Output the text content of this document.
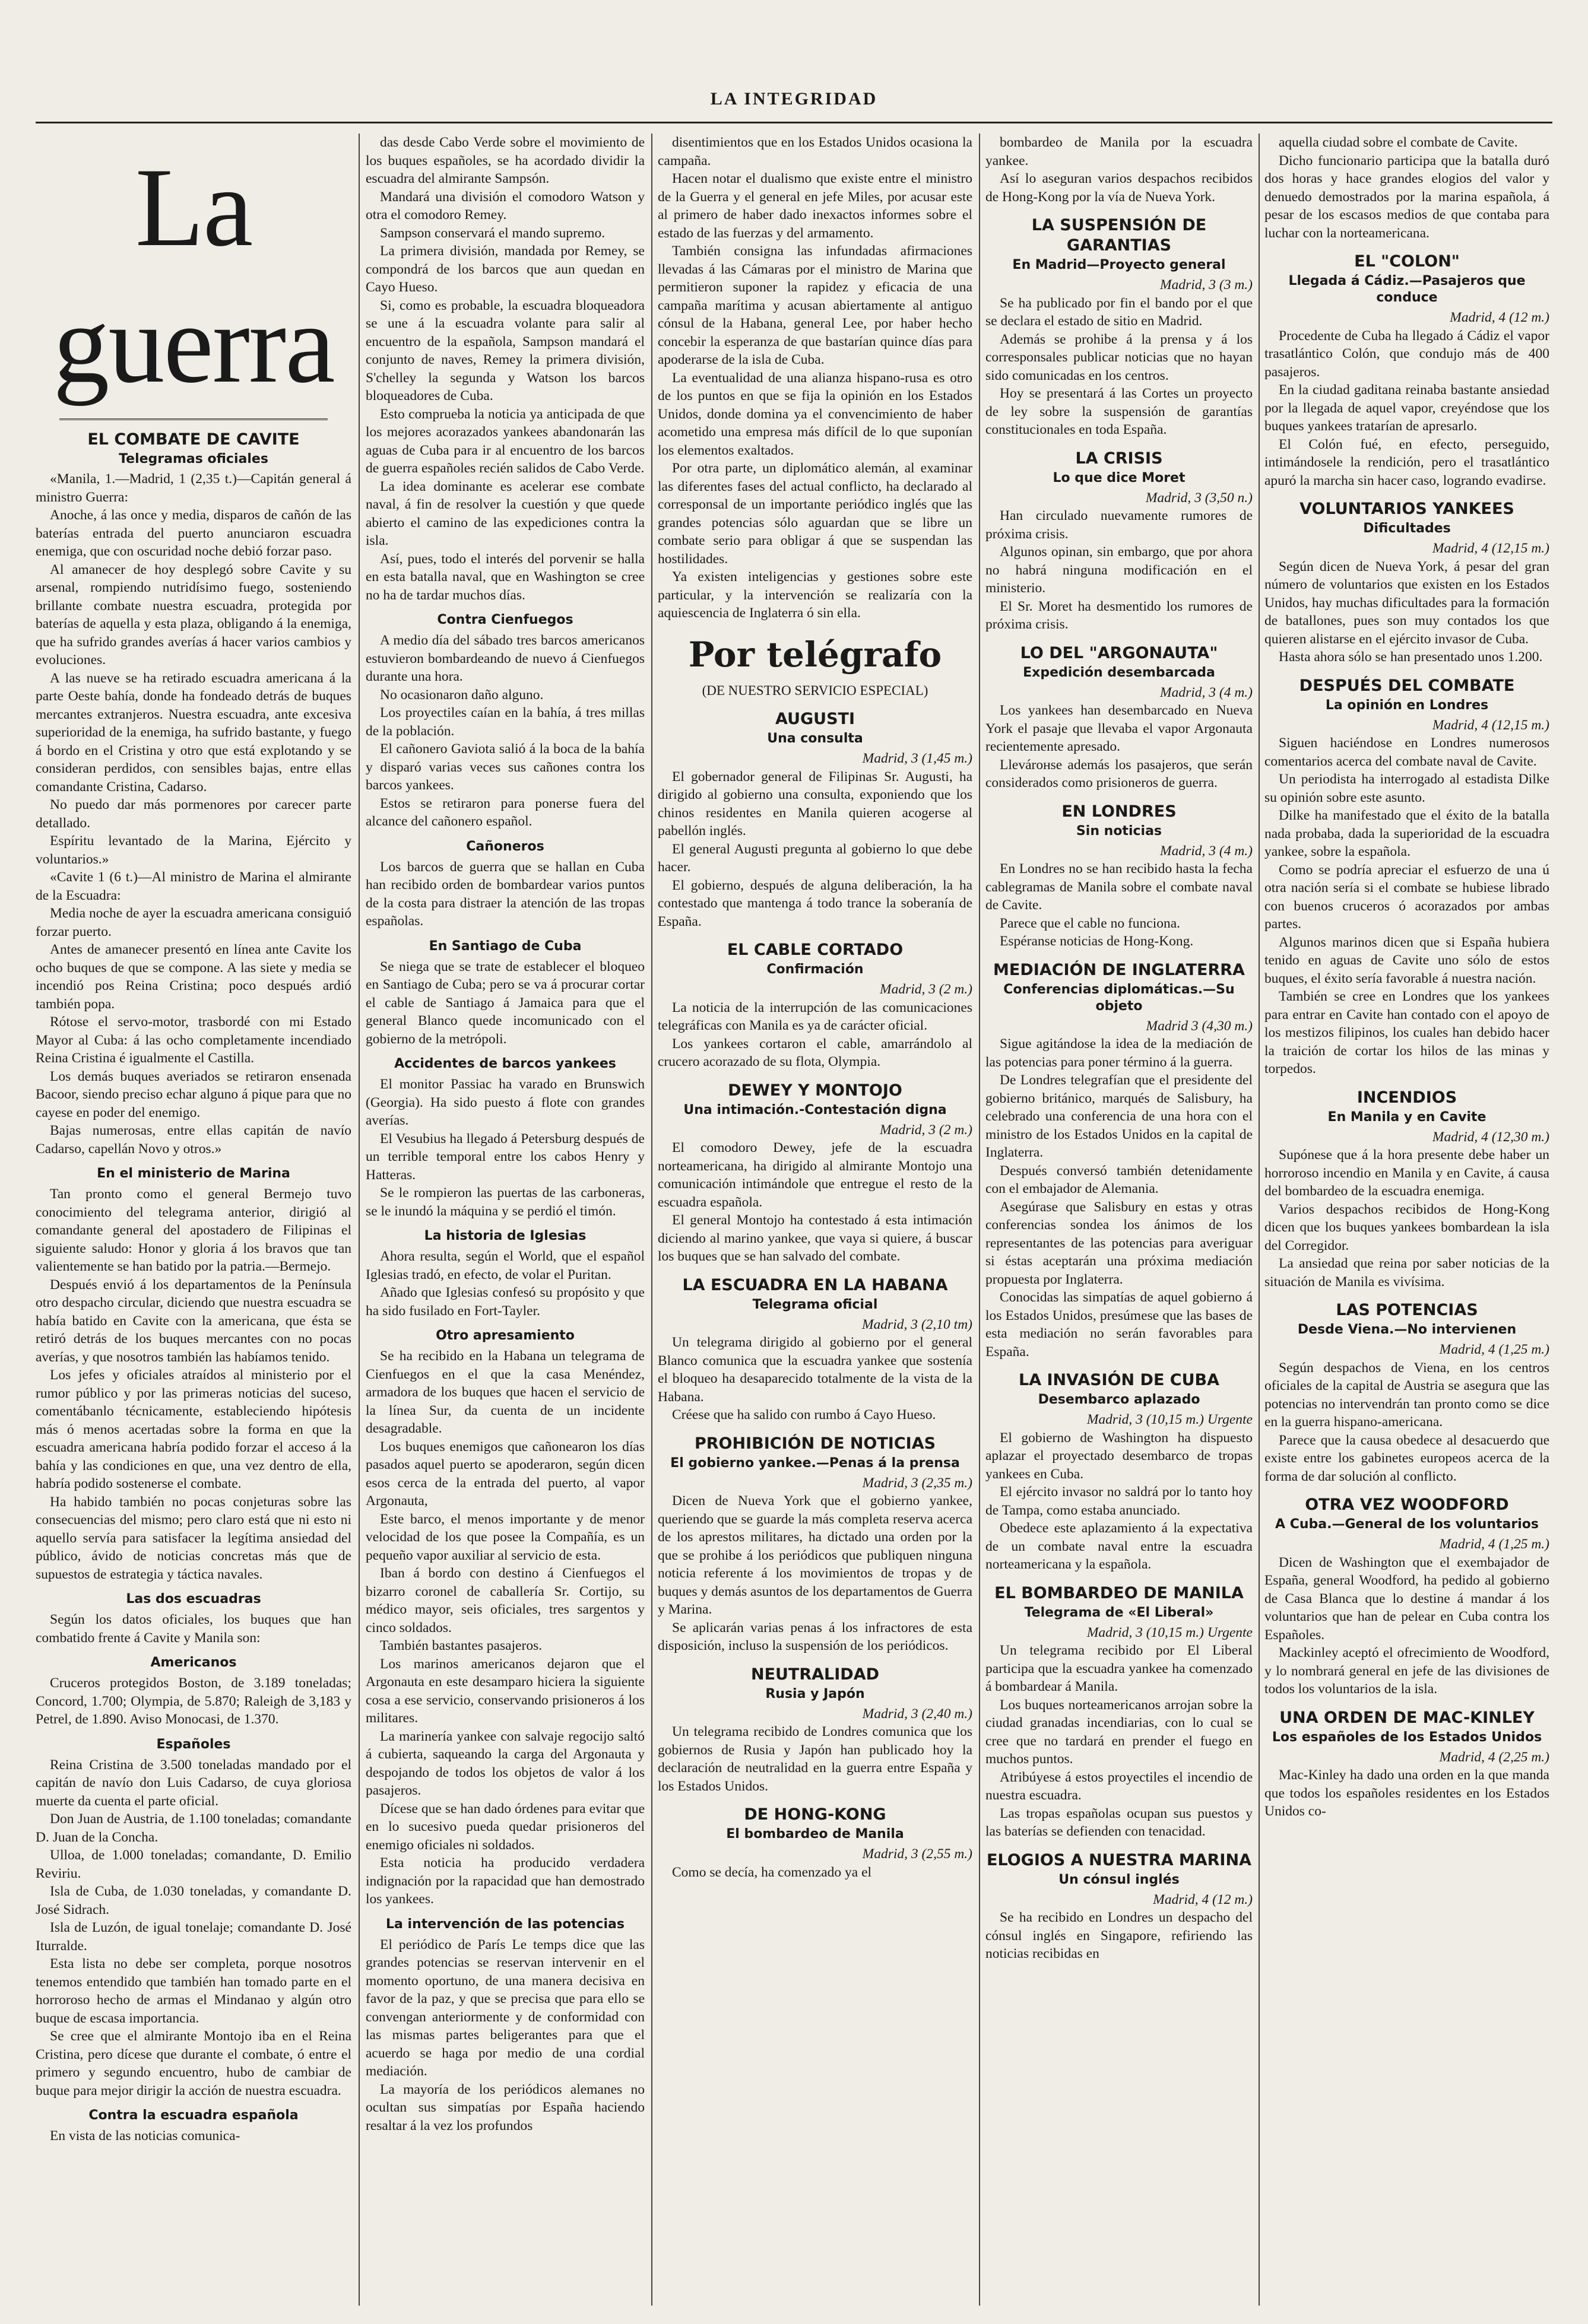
LA INTEGRIDAD
La guerra
EL COMBATE DE CAVITE
Telegramas oficiales

«Manila, 1.—Madrid, 1 (2,35 t.)—Capitán general á ministro Guerra:

Anoche, á las once y media, disparos de cañón de las baterías entrada del puerto anunciaron escuadra enemiga, que con oscuridad noche debió forzar paso.

Al amanecer de hoy desplegó sobre Cavite y su arsenal, rompiendo nutridísimo fuego, sosteniendo brillante combate nuestra escuadra, protegida por baterías de aquella y esta plaza, obligando á la enemiga, que ha sufrido grandes averías á hacer varios cambios y evoluciones.

A las nueve se ha retirado escuadra americana á la parte Oeste bahía, donde ha fondeado detrás de buques mercantes extranjeros. Nuestra escuadra, ante excesiva superioridad de la enemiga, ha sufrido bastante, y fuego á bordo en el Cristina y otro que está explotando y se consideran perdidos, con sensibles bajas, entre ellas comandante Cristina, Cadarso.

No puedo dar más pormenores por carecer parte detallado.

Espíritu levantado de la Marina, Ejército y voluntarios.»

«Cavite 1 (6 t.)—Al ministro de Marina el almirante de la Escuadra:

Media noche de ayer la escuadra americana consiguió forzar puerto.

Antes de amanecer presentó en línea ante Cavite los ocho buques de que se compone. A las siete y media se incendió pos Reina Cristina; poco después ardió también popa.

Rótose el servo-motor, trasbordé con mi Estado Mayor al Cuba: á las ocho completamente incendiado Reina Cristina é igualmente el Castilla.

Los demás buques averiados se retiraron ensenada Bacoor, siendo preciso echar alguno á pique para que no cayese en poder del enemigo.

Bajas numerosas, entre ellas capitán de navío Cadarso, capellán Novo y otros.»

En el ministerio de Marina

Tan pronto como el general Bermejo tuvo conocimiento del telegrama anterior, dirigió al comandante general del apostadero de Filipinas el siguiente saludo: Honor y gloria á los bravos que tan valientemente se han batido por la patria.—Bermejo.

Después envió á los departamentos de la Península otro despacho circular, diciendo que nuestra escuadra se había batido en Cavite con la americana, que ésta se retiró detrás de los buques mercantes con no pocas averías, y que nosotros también las habíamos tenido.

Los jefes y oficiales atraídos al ministerio por el rumor público y por las primeras noticias del suceso, comentábanlo técnicamente, estableciendo hipótesis más ó menos acertadas sobre la forma en que la escuadra americana habría podido forzar el acceso á la bahía y las condiciones en que, una vez dentro de ella, habría podido sostenerse el combate.

Ha habido también no pocas conjeturas sobre las consecuencias del mismo; pero claro está que ni esto ni aquello servía para satisfacer la legítima ansiedad del público, ávido de noticias concretas más que de supuestos de estrategia y táctica navales.

Las dos escuadras

Según los datos oficiales, los buques que han combatido frente á Cavite y Manila son:

Americanos

Cruceros protegidos Boston, de 3.189 toneladas; Concord, 1.700; Olympia, de 5.870; Raleigh de 3,183 y Petrel, de 1.890. Aviso Monocasi, de 1.370.

Españoles

Reina Cristina de 3.500 toneladas mandado por el capitán de navío don Luis Cadarso, de cuya gloriosa muerte da cuenta el parte oficial.

Don Juan de Austria, de 1.100 toneladas; comandante D. Juan de la Concha.

Ulloa, de 1.000 toneladas; comandante, D. Emilio Reviriu.

Isla de Cuba, de 1.030 toneladas, y comandante D. José Sidrach.

Isla de Luzón, de igual tonelaje; comandante D. José Iturralde.

Esta lista no debe ser completa, porque nosotros tenemos entendido que también han tomado parte en el horroroso hecho de armas el Mindanao y algún otro buque de escasa importancia.

Se cree que el almirante Montojo iba en el Reina Cristina, pero dícese que durante el combate, ó entre el primero y segundo encuentro, hubo de cambiar de buque para mejor dirigir la acción de nuestra escuadra.

Contra la escuadra española

En vista de las noticias comunica-

das desde Cabo Verde sobre el movimiento de los buques españoles, se ha acordado dividir la escuadra del almirante Sampsón.

Mandará una división el comodoro Watson y otra el comodoro Remey.

Sampson conservará el mando supremo.

La primera división, mandada por Remey, se compondrá de los barcos que aun quedan en Cayo Hueso.

Si, como es probable, la escuadra bloqueadora se une á la escuadra volante para salir al encuentro de la española, Sampson mandará el conjunto de naves, Remey la primera división, S'chelley la segunda y Watson los barcos bloqueadores de Cuba.

Esto comprueba la noticia ya anticipada de que los mejores acorazados yankees abandonarán las aguas de Cuba para ir al encuentro de los barcos de guerra españoles recién salidos de Cabo Verde.

La idea dominante es acelerar ese combate naval, á fin de resolver la cuestión y que quede abierto el camino de las expediciones contra la isla.

Así, pues, todo el interés del porvenir se halla en esta batalla naval, que en Washington se cree no ha de tardar muchos días.

Contra Cienfuegos

A medio día del sábado tres barcos americanos estuvieron bombardeando de nuevo á Cienfuegos durante una hora.

No ocasionaron daño alguno.

Los proyectiles caían en la bahía, á tres millas de la población.

El cañonero Gaviota salió á la boca de la bahía y disparó varias veces sus cañones contra los barcos yankees.

Estos se retiraron para ponerse fuera del alcance del cañonero español.

Cañoneros

Los barcos de guerra que se hallan en Cuba han recibido orden de bombardear varios puntos de la costa para distraer la atención de las tropas españolas.

En Santiago de Cuba

Se niega que se trate de establecer el bloqueo en Santiago de Cuba; pero se va á procurar cortar el cable de Santiago á Jamaica para que el general Blanco quede incomunicado con el gobierno de la metrópoli.

Accidentes de barcos yankees

El monitor Passiac ha varado en Brunswich (Georgia). Ha sido puesto á flote con grandes averías.

El Vesubius ha llegado á Petersburg después de un terrible temporal entre los cabos Henry y Hatteras.

Se le rompieron las puertas de las carboneras, se le inundó la máquina y se perdió el timón.

La historia de Iglesias

Ahora resulta, según el World, que el español Iglesias tradó, en efecto, de volar el Puritan.

Añado que Iglesias confesó su propósito y que ha sido fusilado en Fort-Tayler.

Otro apresamiento

Se ha recibido en la Habana un telegrama de Cienfuegos en el que la casa Menéndez, armadora de los buques que hacen el servicio de la línea Sur, da cuenta de un incidente desagradable.

Los buques enemigos que cañonearon los días pasados aquel puerto se apoderaron, según dicen esos cerca de la entrada del puerto, al vapor Argonauta,

Este barco, el menos importante y de menor velocidad de los que posee la Compañía, es un pequeño vapor auxiliar al servicio de esta.

Iban á bordo con destino á Cienfuegos el bizarro coronel de caballería Sr. Cortijo, su médico mayor, seis oficiales, tres sargentos y cinco soldados.

También bastantes pasajeros.

Los marinos americanos dejaron que el Argonauta en este desamparo hiciera la siguiente cosa a ese servicio, conservando prisioneros á los militares.

La marinería yankee con salvaje regocijo saltó á cubierta, saqueando la carga del Argonauta y despojando de todos los objetos de valor á los pasajeros.

Dícese que se han dado órdenes para evitar que en lo sucesivo pueda quedar prisioneros del enemigo oficiales ni soldados.

Esta noticia ha producido verdadera indignación por la rapacidad que han demostrado los yankees.

La intervención de las potencias

El periódico de París Le temps dice que las grandes potencias se reservan intervenir en el momento oportuno, de una manera decisiva en favor de la paz, y que se precisa que para ello se convengan anteriormente y de conformidad con las mismas partes beligerantes para que el acuerdo se haga por medio de una cordial mediación.

La mayoría de los periódicos alemanes no ocultan sus simpatías por España haciendo resaltar á la vez los profundos

disentimientos que en los Estados Unidos ocasiona la campaña.

Hacen notar el dualismo que existe entre el ministro de la Guerra y el general en jefe Miles, por acusar este al primero de haber dado inexactos informes sobre el estado de las fuerzas y del armamento.

También consigna las infundadas afirmaciones llevadas á las Cámaras por el ministro de Marina que permitieron suponer la rapidez y eficacia de una campaña marítima y acusan abiertamente al antiguo cónsul de la Habana, general Lee, por haber hecho concebir la esperanza de que bastarían quince días para apoderarse de la isla de Cuba.

La eventualidad de una alianza hispano-rusa es otro de los puntos en que se fija la opinión en los Estados Unidos, donde domina ya el convencimiento de haber acometido una empresa más difícil de lo que suponían los elementos exaltados.

Por otra parte, un diplomático alemán, al examinar las diferentes fases del actual conflicto, ha declarado al corresponsal de un importante periódico inglés que las grandes potencias sólo aguardan que se libre un combate serio para obligar á que se suspendan las hostilidades.

Ya existen inteligencias y gestiones sobre este particular, y la intervención se realizaría con la aquiescencia de Inglaterra ó sin ella.

Por telégrafo
(DE NUESTRO SERVICIO ESPECIAL)
AUGUSTI
Una consulta

Madrid, 3 (1,45 m.)

El gobernador general de Filipinas Sr. Augusti, ha dirigido al gobierno una consulta, exponiendo que los chinos residentes en Manila quieren acogerse al pabellón inglés.

El general Augusti pregunta al gobierno lo que debe hacer.

El gobierno, después de alguna deliberación, la ha contestado que mantenga á todo trance la soberanía de España.

EL CABLE CORTADO
Confirmación

Madrid, 3 (2 m.)

La noticia de la interrupción de las comunicaciones telegráficas con Manila es ya de carácter oficial.

Los yankees cortaron el cable, amarrándolo al crucero acorazado de su flota, Olympia.

DEWEY Y MONTOJO
Una intimación.-Contestación digna

Madrid, 3 (2 m.)

El comodoro Dewey, jefe de la escuadra norteamericana, ha dirigido al almirante Montojo una comunicación intimándole que entregue el resto de la escuadra española.

El general Montojo ha contestado á esta intimación diciendo al marino yankee, que vaya si quiere, á buscar los buques que se han salvado del combate.

LA ESCUADRA EN LA HABANA
Telegrama oficial

Madrid, 3 (2,10 tm)

Un telegrama dirigido al gobierno por el general Blanco comunica que la escuadra yankee que sostenía el bloqueo ha desaparecido totalmente de la vista de la Habana.

Créese que ha salido con rumbo á Cayo Hueso.

PROHIBICIÓN DE NOTICIAS
El gobierno yankee.—Penas á la prensa

Madrid, 3 (2,35 m.)

Dicen de Nueva York que el gobierno yankee, queriendo que se guarde la más completa reserva acerca de los aprestos militares, ha dictado una orden por la que se prohibe á los periódicos que publiquen ninguna noticia referente á los movimientos de tropas y de buques y demás asuntos de los departamentos de Guerra y Marina.

Se aplicarán varias penas á los infractores de esta disposición, incluso la suspensión de los periódicos.

NEUTRALIDAD
Rusia y Japón

Madrid, 3 (2,40 m.)

Un telegrama recibido de Londres comunica que los gobiernos de Rusia y Japón han publicado hoy la declaración de neutralidad en la guerra entre España y los Estados Unidos.

DE HONG-KONG
El bombardeo de Manila

Madrid, 3 (2,55 m.)

Como se decía, ha comenzado ya el

bombardeo de Manila por la escuadra yankee.

Así lo aseguran varios despachos recibidos de Hong-Kong por la vía de Nueva York.

LA SUSPENSIÓN DE GARANTIAS
En Madrid—Proyecto general

Madrid, 3 (3 m.)

Se ha publicado por fin el bando por el que se declara el estado de sitio en Madrid.

Además se prohibe á la prensa y á los corresponsales publicar noticias que no hayan sido comunicadas en los centros.

Hoy se presentará á las Cortes un proyecto de ley sobre la suspensión de garantías constitucionales en toda España.

LA CRISIS
Lo que dice Moret

Madrid, 3 (3,50 n.)

Han circulado nuevamente rumores de próxima crisis.

Algunos opinan, sin embargo, que por ahora no habrá ninguna modificación en el ministerio.

El Sr. Moret ha desmentido los rumores de próxima crisis.

LO DEL "ARGONAUTA"
Expedición desembarcada

Madrid, 3 (4 m.)

Los yankees han desembarcado en Nueva York el pasaje que llevaba el vapor Argonauta recientemente apresado.

Llevárонse además los pasajeros, que serán considerados como prisioneros de guerra.

EN LONDRES
Sin noticias

Madrid, 3 (4 m.)

En Londres no se han recibido hasta la fecha cablegramas de Manila sobre el combate naval de Cavite.

Parece que el cable no funciona.

Espéranse noticias de Hong-Kong.

MEDIACIÓN DE INGLATERRA
Conferencias diplomáticas.—Su objeto

Madrid 3 (4,30 m.)

Sigue agitándose la idea de la mediación de las potencias para poner término á la guerra.

De Londres telegrafían que el presidente del gobierno británico, marqués de Salisbury, ha celebrado una conferencia de una hora con el ministro de los Estados Unidos en la capital de Inglaterra.

Después conversó también detenidamente con el embajador de Alemania.

Asegúrase que Salisbury en estas y otras conferencias sondea los ánimos de los representantes de las potencias para averiguar si éstas aceptarán una próxima mediación propuesta por Inglaterra.

Conocidas las simpatías de aquel gobierno á los Estados Unidos, presúmese que las bases de esta mediación no serán favorables para España.

LA INVASIÓN DE CUBA
Desembarco aplazado

Madrid, 3 (10,15 m.) Urgente

El gobierno de Washington ha dispuesto aplazar el proyectado desembarco de tropas yankees en Cuba.

El ejército invasor no saldrá por lo tanto hoy de Tampa, como estaba anunciado.

Obedece este aplazamiento á la expectativa de un combate naval entre la escuadra norteamericana y la española.

EL BOMBARDEO DE MANILA
Telegrama de «El Liberal»

Madrid, 3 (10,15 m.) Urgente

Un telegrama recibido por El Liberal participa que la escuadra yankee ha comenzado á bombardear á Manila.

Los buques norteamericanos arrojan sobre la ciudad granadas incendiarias, con lo cual se cree que no tardará en prender el fuego en muchos puntos.

Atribúyese á estos proyectiles el incendio de nuestra escuadra.

Las tropas españolas ocupan sus puestos y las baterías se defienden con tenacidad.

ELOGIOS A NUESTRA MARINA
Un cónsul inglés

Madrid, 4 (12 m.)

Se ha recibido en Londres un despacho del cónsul inglés en Singapore, refiriendo las noticias recibidas en

aquella ciudad sobre el combate de Cavite.

Dicho funcionario participa que la batalla duró dos horas y hace grandes elogios del valor y denuedo demostrados por la marina española, á pesar de los escasos medios de que contaba para luchar con la norteamericana.

EL "COLON"
Llegada á Cádiz.—Pasajeros que conduce

Madrid, 4 (12 m.)

Procedente de Cuba ha llegado á Cádiz el vapor trasatlántico Colón, que condujo más de 400 pasajeros.

En la ciudad gaditana reinaba bastante ansiedad por la llegada de aquel vapor, creyéndose que los buques yankees tratarían de apresarlo.

El Colón fué, en efecto, perseguido, intimándosele la rendición, pero el trasatlántico apuró la marcha sin hacer caso, logrando evadirse.

VOLUNTARIOS YANKEES
Dificultades

Madrid, 4 (12,15 m.)

Según dicen de Nueva York, á pesar del gran número de voluntarios que existen en los Estados Unidos, hay muchas dificultades para la formación de batallones, pues son muy contados los que quieren alistarse en el ejército invasor de Cuba.

Hasta ahora sólo se han presentado unos 1.200.

DESPUÉS DEL COMBATE
La opinión en Londres

Madrid, 4 (12,15 m.)

Siguen haciéndose en Londres numerosos comentarios acerca del combate naval de Cavite.

Un periodista ha interrogado al estadista Dilke su opinión sobre este asunto.

Dilke ha manifestado que el éxito de la batalla nada probaba, dada la superioridad de la escuadra yankee, sobre la española.

Como se podría apreciar el esfuerzo de una ú otra nación sería si el combate se hubiese librado con buenos cruceros ó acorazados por ambas partes.

Algunos marinos dicen que si España hubiera tenido en aguas de Cavite uno sólo de estos buques, el éxito sería favorable á nuestra nación.

También se cree en Londres que los yankees para entrar en Cavite han contado con el apoyo de los mestizos filipinos, los cuales han debido hacer la traición de cortar los hilos de las minas y torpedos.

INCENDIOS
En Manila y en Cavite

Madrid, 4 (12,30 m.)

Supónese que á la hora presente debe haber un horroroso incendio en Manila y en Cavite, á causa del bombardeo de la escuadra enemiga.

Varios despachos recibidos de Hong-Kong dicen que los buques yankees bombardean la isla del Corregidor.

La ansiedad que reina por saber noticias de la situación de Manila es vivísima.

LAS POTENCIAS
Desde Viena.—No intervienen

Madrid, 4 (1,25 m.)

Según despachos de Viena, en los centros oficiales de la capital de Austria se asegura que las potencias no intervendrán tan pronto como se dice en la guerra hispano-americana.

Parece que la causa obedece al desacuerdo que existe entre los gabinetes europeos acerca de la forma de dar solución al conflicto.

OTRA VEZ WOODFORD
A Cuba.—General de los voluntarios

Madrid, 4 (1,25 m.)

Dicen de Washington que el exembajador de España, general Woodford, ha pedido al gobierno de Casa Blanca que lo destine á mandar á los voluntarios que han de pelear en Cuba contra los Españoles.

Mackinley aceptó el ofrecimiento de Woodford, y lo nombrará general en jefe de las divisiones de todos los voluntarios de la isla.

UNA ORDEN DE MAC-KINLEY
Los españoles de los Estados Unidos

Madrid, 4 (2,25 m.)

Mac-Kinley ha dado una orden en la que manda que todos los españoles residentes en los Estados Unidos co-
